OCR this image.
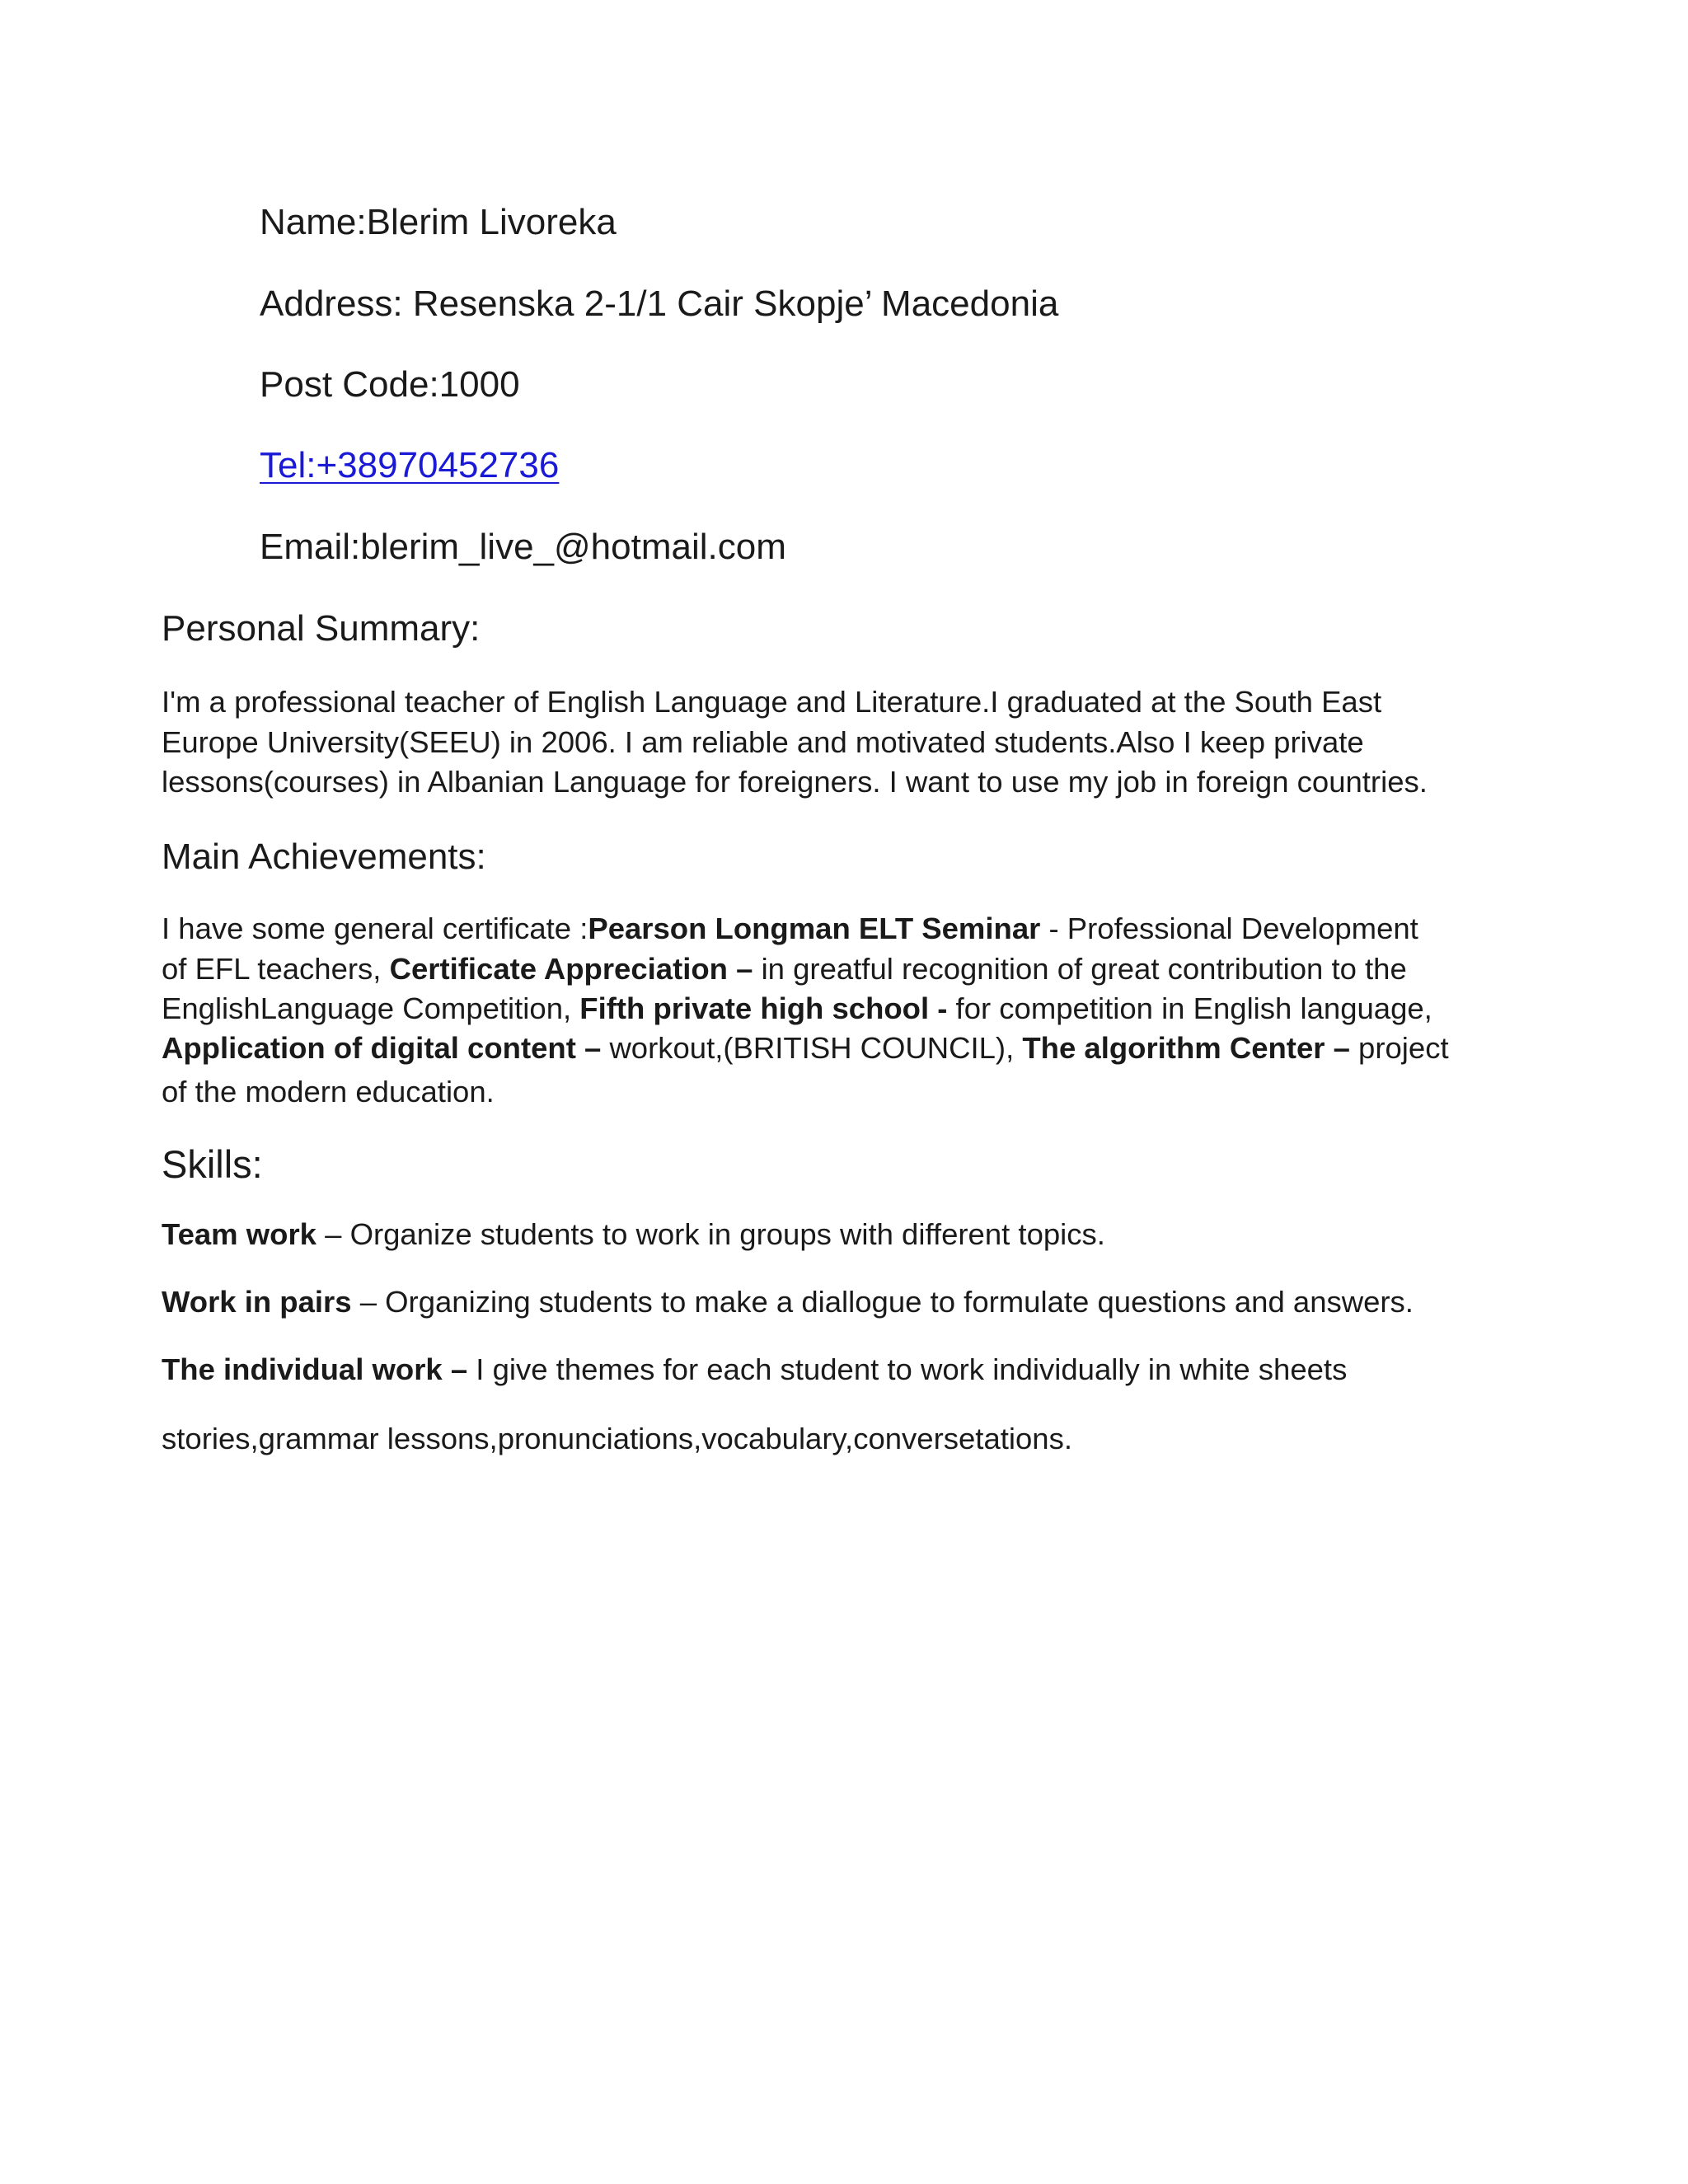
Name:Blerim Livoreka
Address: Resenska 2-1/1 Cair Skopje’ Macedonia
Post Code:1000
Tel:+38970452736
Email:blerim_live_@hotmail.com
Personal Summary:
I'm a professional teacher of English Language and Literature.I graduated at the South East
Europe University(SEEU) in 2006. I am reliable and motivated students.Also I keep private
lessons(courses) in Albanian Language for foreigners. I want to use my job in foreign countries.
Main Achievements:
I have some general certificate :Pearson Longman ELT Seminar - Professional Development
of EFL teachers, Certificate Appreciation – in greatful recognition of great contribution to the
EnglishLanguage Competition, Fifth private high school - for competition in English language,
Application of digital content – workout,(BRITISH COUNCIL), The algorithm Center – project
of the modern education.
Skills:
Team work – Organize students to work in groups with different topics.
Work in pairs – Organizing students to make a diallogue to formulate questions and answers.
The individual work – I give themes for each student to work individually in white sheets
stories,grammar lessons,pronunciations,vocabulary,conversetations.
